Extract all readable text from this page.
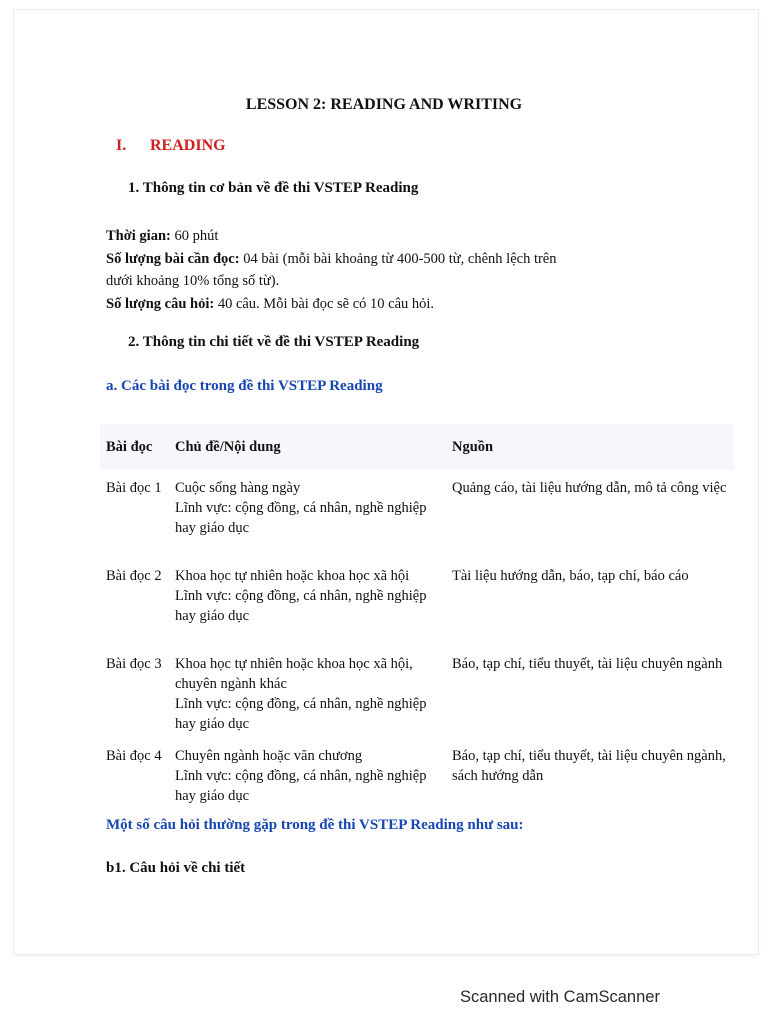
LESSON 2: READING AND WRITING
I. READING
1. Thông tin cơ bản về đề thi VSTEP Reading
Thời gian: 60 phút
Số lượng bài cần đọc: 04 bài (mỗi bài khoảng từ 400-500 từ, chênh lệch trên
dưới khoảng 10% tổng số từ).
Số lượng câu hỏi: 40 câu. Mỗi bài đọc sẽ có 10 câu hỏi.
2. Thông tin chi tiết về đề thi VSTEP Reading
a. Các bài đọc trong đề thi VSTEP Reading
Bài đọc	Chủ đề/Nội dung	Nguồn
Bài đọc 1	Cuộc sống hàng ngày
Lĩnh vực: cộng đồng, cá nhân, nghề nghiệp hay giáo dục	Quảng cáo, tài liệu hướng dẫn, mô tả công việc
Bài đọc 2	Khoa học tự nhiên hoặc khoa học xã hội
Lĩnh vực: cộng đồng, cá nhân, nghề nghiệp hay giáo dục	Tài liệu hướng dẫn, báo, tạp chí, báo cáo
Bài đọc 3	Khoa học tự nhiên hoặc khoa học xã hội, chuyên ngành khác
Lĩnh vực: cộng đồng, cá nhân, nghề nghiệp hay giáo dục	Báo, tạp chí, tiểu thuyết, tài liệu chuyên ngành
Bài đọc 4	Chuyên ngành hoặc văn chương
Lĩnh vực: cộng đồng, cá nhân, nghề nghiệp hay giáo dục	Báo, tạp chí, tiểu thuyết, tài liệu chuyên ngành, sách hướng dẫn
Một số câu hỏi thường gặp trong đề thi VSTEP Reading như sau:
b1. Câu hỏi về chi tiết
Scanned with CamScanner
